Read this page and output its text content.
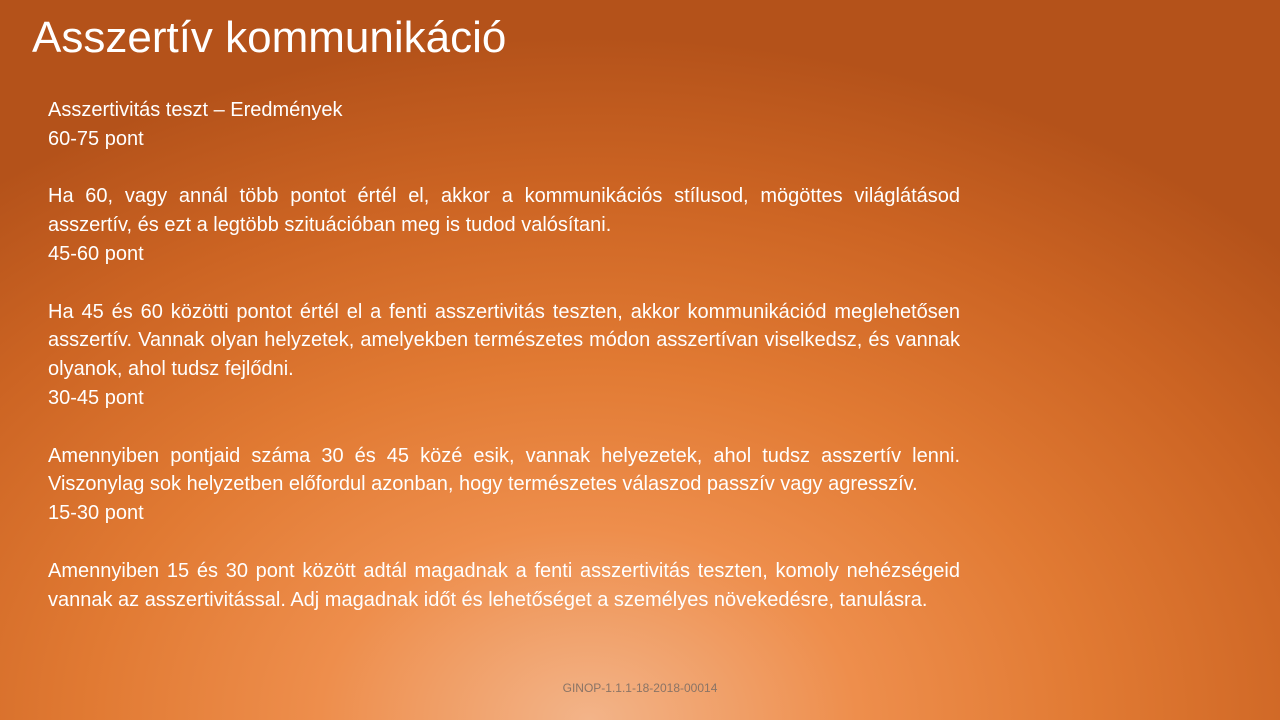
Asszertív kommunikáció
Asszertivitás teszt – Eredmények
60-75 pont
Ha 60, vagy annál több pontot értél el, akkor a kommunikációs stílusod, mögöttes világlátásod asszertív, és ezt a legtöbb szituációban meg is tudod valósítani.
45-60 pont
Ha 45 és 60 közötti pontot értél el a fenti asszertivitás teszten, akkor kommunikációd meglehetősen asszertív. Vannak olyan helyzetek, amelyekben természetes módon asszertívan viselkedsz, és vannak olyanok, ahol tudsz fejlődni.
30-45 pont
Amennyiben pontjaid száma 30 és 45 közé esik, vannak helyezetek, ahol tudsz asszertív lenni. Viszonylag sok helyzetben előfordul azonban, hogy természetes válaszod passzív vagy agresszív.
15-30 pont
Amennyiben 15 és 30 pont között adtál magadnak a fenti asszertivitás teszten, komoly nehézségeid vannak az asszertivitással. Adj magadnak időt és lehetőséget a személyes növekedésre, tanulásra.
GINOP-1.1.1-18-2018-00014
